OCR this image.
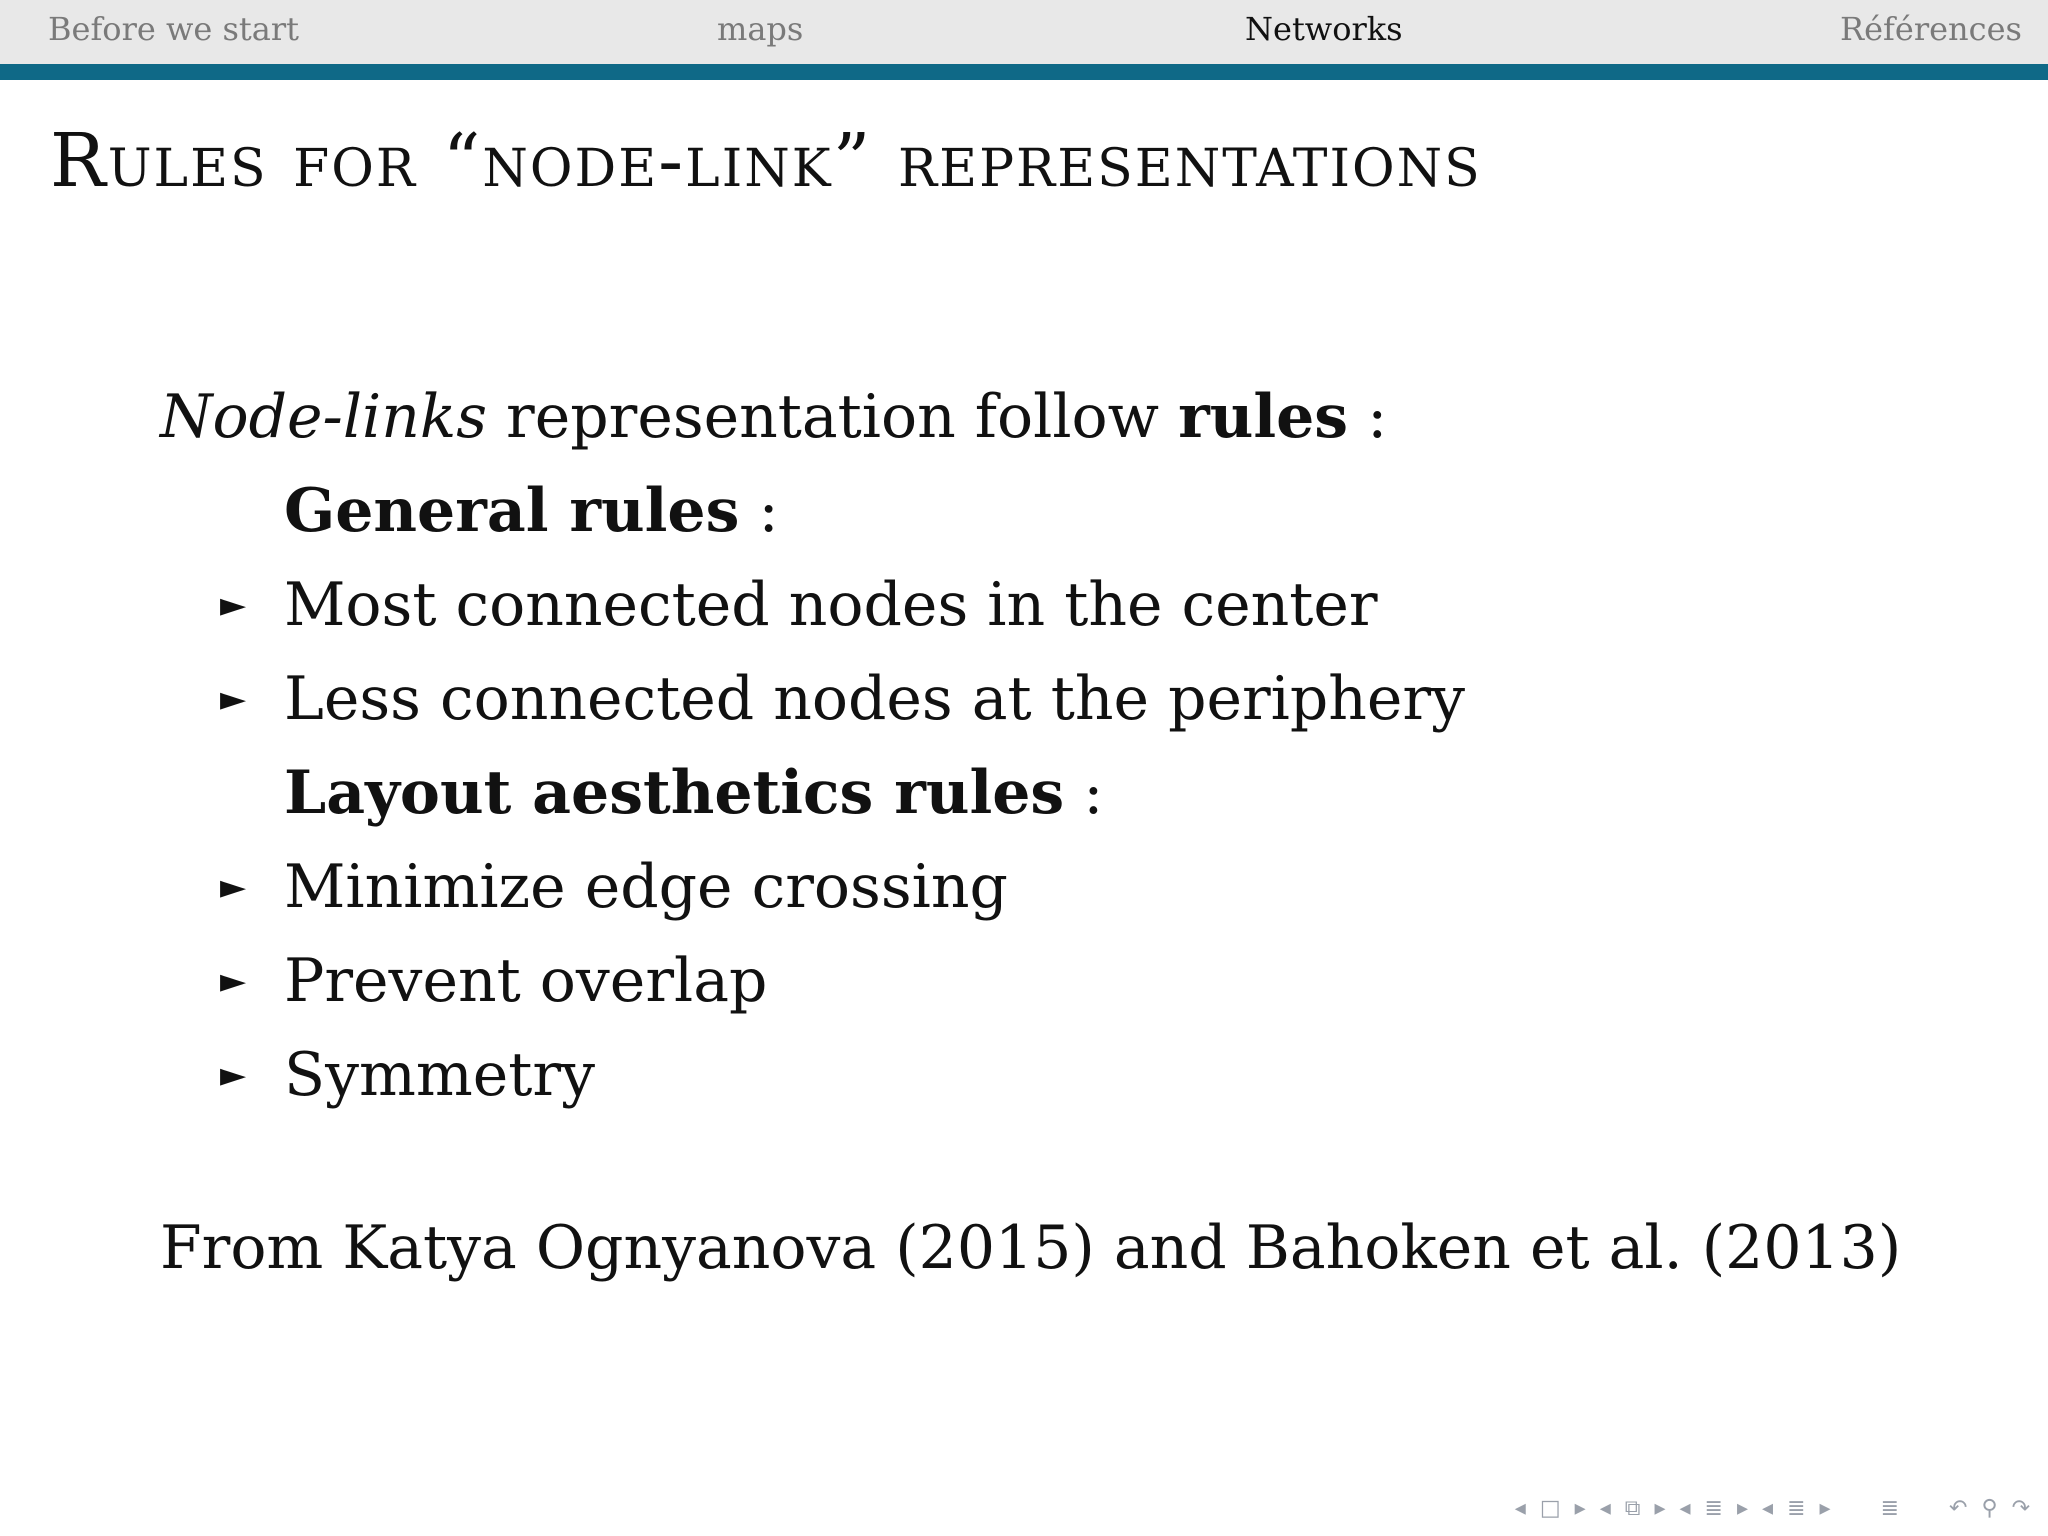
Before we start	maps	Networks	Références
Rules for “node-link” representations
Node-links representation follow rules :
General rules :
► Most connected nodes in the center
► Less connected nodes at the periphery
Layout aesthetics rules :
► Minimize edge crossing
► Prevent overlap
► Symmetry
From Katya Ognyanova (2015) and Bahoken et al. (2013)
◂ □ ▸ ◂ ⧉ ▸ ◂ ≣ ▸ ◂ ≣ ▸ ≣ ↶ ⚲ ↷
